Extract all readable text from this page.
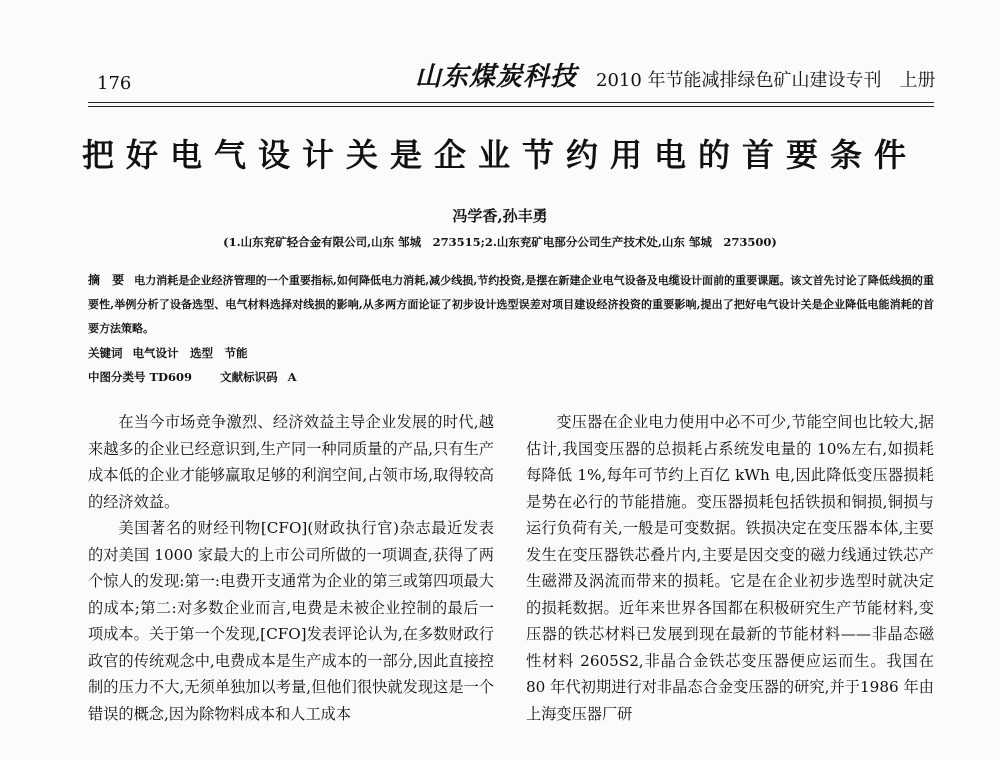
176	山东煤炭科技 2010 年节能减排绿色矿山建设专刊　上册
把好电气设计关是企业节约用电的首要条件
冯学香,孙丰勇
(1.山东兖矿轻合金有限公司,山东 邹城　273515;2.山东兖矿电郚分公司生产技术处,山东 邹城　273500)
摘　要 电力消耗是企业经济管理的一个重要指标,如何降低电力消耗,减少线损,节约投资,是摆在新建企业电气设备及电缆设计面前的重要课题。该文首先讨论了降低线损的重要性,举例分析了设备选型、电气材料选择对线损的影响,从多两方面论证了初步设计选型误差对项目建设经济投资的重要影响,提出了把好电气设计关是企业降低电能消耗的首要方法策略。
关键词 电气设计　选型　节能
中图分类号 TD609 文献标识码 A

在当今市场竞争激烈、经济效益主导企业发展的时代,越来越多的企业已经意识到,生产同一种同质量的产品,只有生产成本低的企业才能够赢取足够的利润空间,占领市场,取得较高的经济效益。

美国著名的财经刊物[CFO](财政执行官)杂志最近发表的对美国 1000 家最大的上市公司所做的一项调查,获得了两个惊人的发现:第一:电费开支通常为企业的第三或第四项最大的成本;第二:对多数企业而言,电费是未被企业控制的最后一项成本。关于第一个发现,[CFO]发表评论认为,在多数财政行政官的传统观念中,电费成本是生产成本的一部分,因此直接控制的压力不大,无须单独加以考量,但他们很快就发现这是一个错误的概念,因为除物料成本和人工成本

变压器在企业电力使用中必不可少,节能空间也比较大,据估计,我国变压器的总损耗占系统发电量的 10%左右,如损耗每降低 1%,每年可节约上百亿 kWh 电,因此降低变压器损耗是势在必行的节能措施。变压器损耗包括铁损和铜损,铜损与运行负荷有关,一般是可变数据。铁损决定在变压器本体,主要发生在变压器铁芯叠片内,主要是因交变的磁力线通过铁芯产生磁滞及涡流而带来的损耗。它是在企业初步选型时就决定的损耗数据。近年来世界各国都在积极研究生产节能材料,变压器的铁芯材料已发展到现在最新的节能材料——非晶态磁性材料 2605S2,非晶合金铁芯变压器便应运而生。我国在 80 年代初期进行对非晶态合金变压器的研究,并于1986 年由上海变压器厂研
